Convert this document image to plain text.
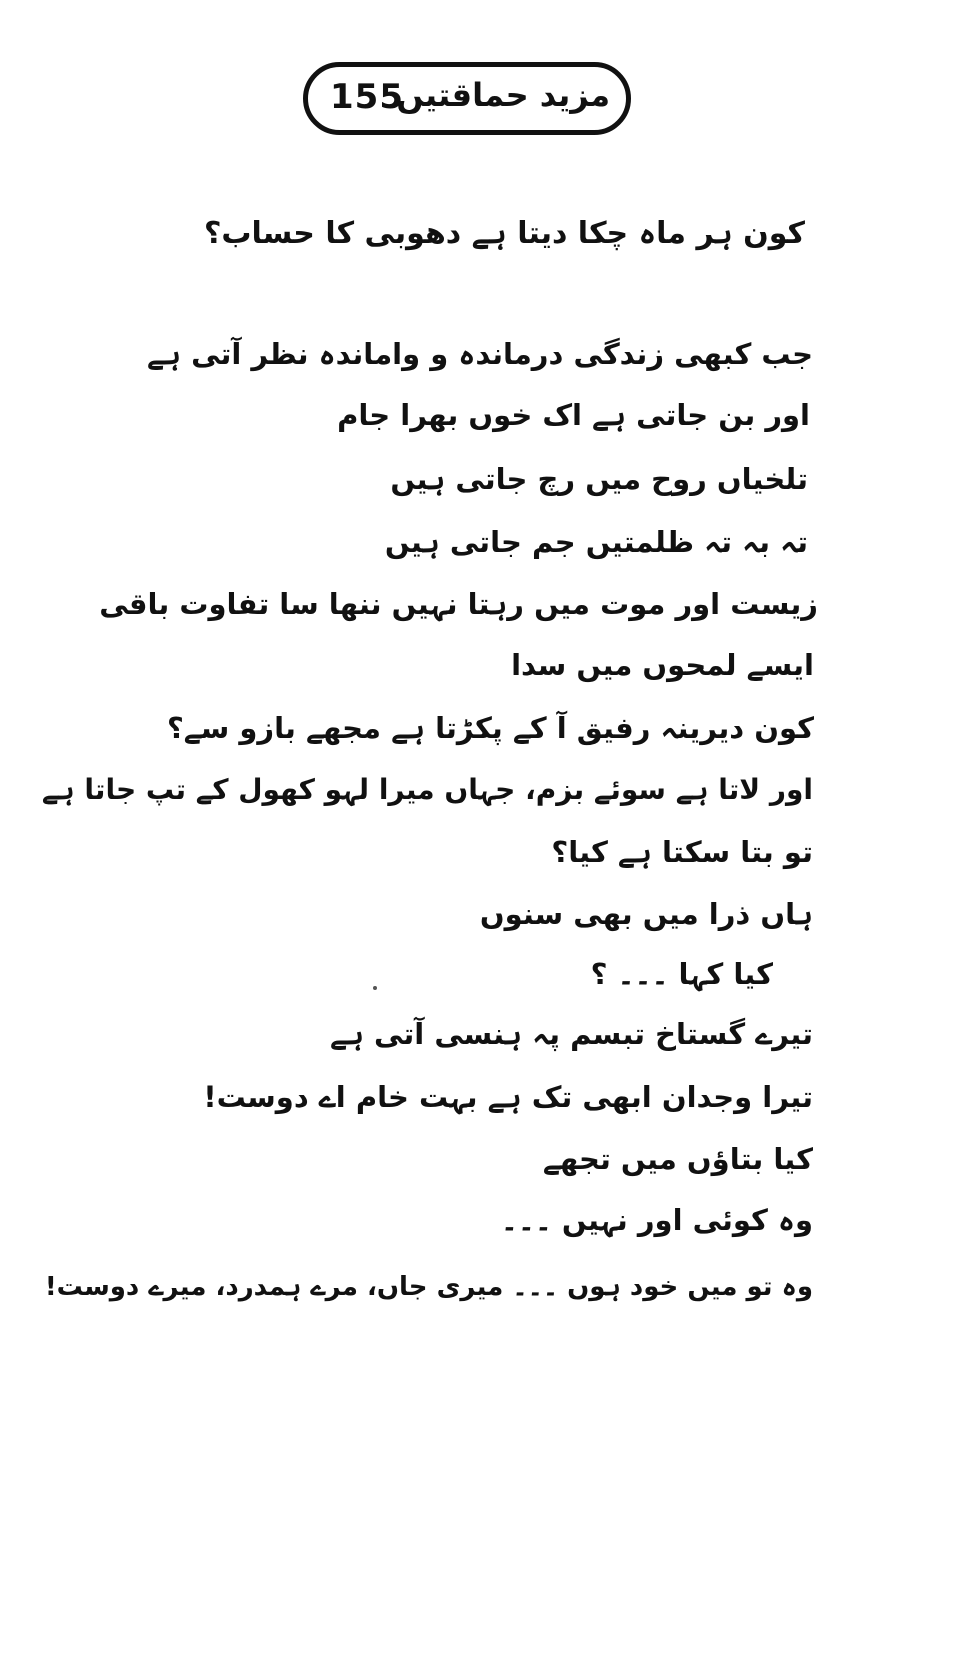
155
مزید حماقتیں
کون ہر ماہ چکا دیتا ہے دھوبی کا حساب؟
جب کبھی زندگی درماندہ و واماندہ نظر آتی ہے
اور بن جاتی ہے اک خوں بھرا جام
تلخیاں روح میں رچ جاتی ہیں
تہ بہ تہ ظلمتیں جم جاتی ہیں
زیست اور موت میں رہتا نہیں ننھا سا تفاوت باقی
ایسے لمحوں میں سدا
کون دیرینہ رفیق آ کے پکڑتا ہے مجھے بازو سے؟
اور لاتا ہے سوئے بزم، جہاں میرا لہو کھول کے تپ جاتا ہے
تو بتا سکتا ہے کیا؟
ہاں ذرا میں بھی سنوں
کیا کہا ۔۔۔ ؟
تیرے گستاخ تبسم پہ ہنسی آتی ہے
تیرا وجدان ابھی تک ہے بہت خام اے دوست!
کیا بتاؤں میں تجھے
وہ کوئی اور نہیں ۔۔۔
وہ تو میں خود ہوں ۔۔۔ میری جاں، مرے ہمدرد، میرے دوست!
